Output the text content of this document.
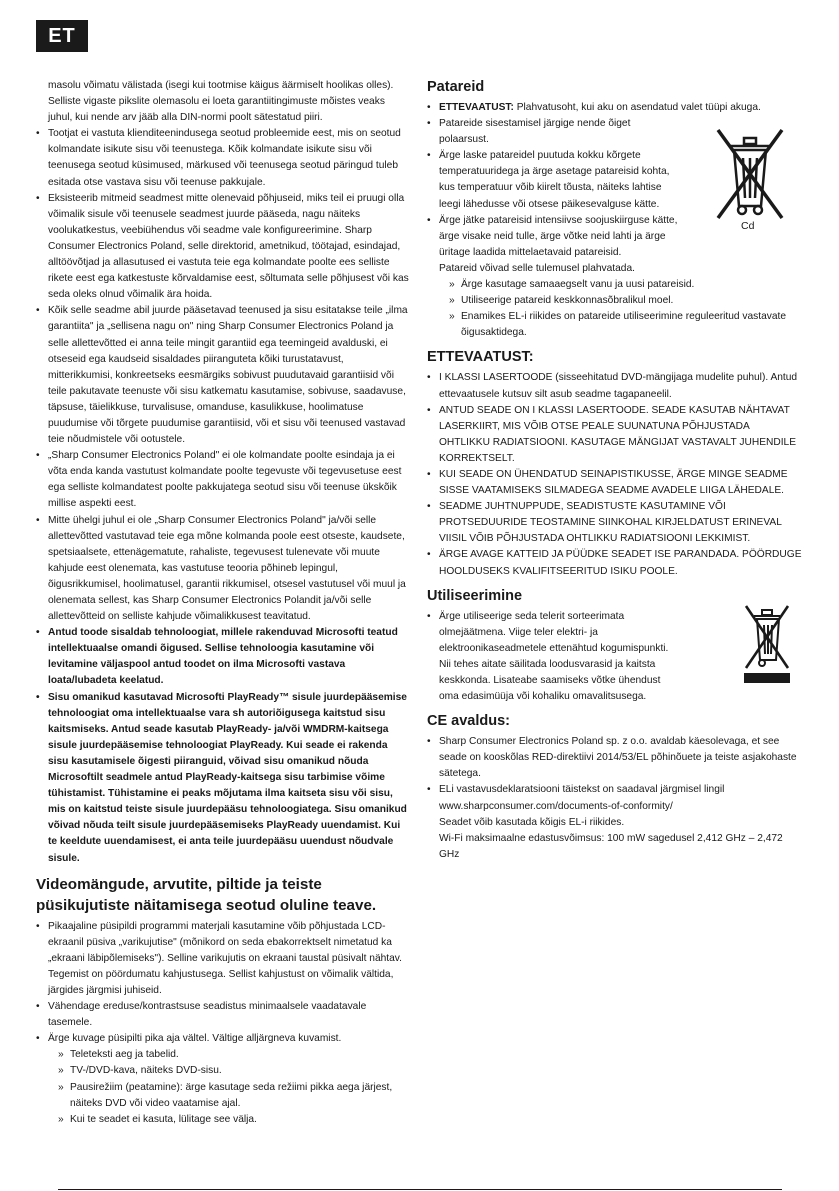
ET

masolu võimatu välistada (isegi kui tootmise käigus äärmiselt hoolikas olles). Selliste vigaste pikslite olemasolu ei loeta garantiitingimuste mõistes veaks juhul, kui nende arv jääb alla DIN-normi poolt sätestatud piiri.

• Tootjat ei vastuta klienditeenindusega seotud probleemide eest, mis on seotud kolmandate isikute sisu või teenustega. Kõik kolmandate isikute sisu või teenusega seotud küsimused, märkused või teenusega seotud päringud tuleb esitada otse vastava sisu või teenuse pakkujale.
• Eksisteerib mitmeid seadmest mitte olenevaid põhjuseid, miks teil ei pruugi olla võimalik sisule või teenusele seadmest juurde pääseda, nagu näiteks voolukatkestus, veebiühendus või seadme vale konfigureerimine. Sharp Consumer Electronics Poland, selle direktorid, ametnikud, töötajad, esindajad, alltöövõtjad ja allasutused ei vastuta teie ega kolmandate poolte ees selliste rikete eest ega katkestuste kõrvaldamise eest, sõltumata selle põhjusest või kas seda oleks olnud võimalik ära hoida.
• Kõik selle seadme abil juurde pääsetavad teenused ja sisu esitatakse teile „ilma garantiita" ja „sellisena nagu on" ning Sharp Consumer Electronics Poland ja selle allettevõtted ei anna teile mingit garantiid ega teemingeid avalduski, ei otseseid ega kaudseid sisaldades piiranguteta kõiki turustatavust, mitterikkumisi, konkreetseks eesmärgiks sobivust puudutavaid garantiisid või teile pakutavate teenuste või sisu katkematu kasutamise, sobivuse, saadavuse, täpsuse, täielikkuse, turvalisuse, omanduse, kasulikkuse, hoolimatuse puudumise või tõrgete puudumise garantiisid, või et sisu või teenused vastavad teie nõudmistele või ootustele.
• „Sharp Consumer Electronics Poland" ei ole kolmandate poolte esindaja ja ei võta enda kanda vastutust kolmandate poolte tegevuste või tegevusetuse eest ega selliste kolmandatest poolte pakkujatega seotud sisu või teenuse ükskõik millise aspekti eest.
• Mitte ühelgi juhul ei ole „Sharp Consumer Electronics Poland" ja/või selle allettevõtted vastutavad teie ega mõne kolmanda poole eest otseste, kaudsete, spetsiaalsete, ettenägematute, rahaliste, tegevusest tulenevate või muute kahjude eest olenemata, kas vastutuse teooria põhineb lepingul, õigusrikkumisel, hoolimatusel, garantii rikkumisel, otsesel vastutusel või muul ja olenemata sellest, kas Sharp Consumer Electronics Polandit ja/või selle allettevõtteid on selliste kahjude võimalikkusest teavitatud.
• Antud toode sisaldab tehnoloogiat, millele rakenduvad Microsofti teatud intellektuaalse omandi õigused. Sellise tehnoloogia kasutamine või levitamine väljaspool antud toodet on ilma Microsofti vastava loata/lubadeta keelatud.
• Sisu omanikud kasutavad Microsofti PlayReady™ sisule juurdepääsemise tehnoloogiat oma intellektuaalse vara sh autoriõigusega kaitstud sisu kaitsmiseks. Antud seade kasutab PlayReady- ja/või WMDRM-kaitsega sisule juurdepääsemise tehnoloogiat PlayReady. Kui seade ei rakenda sisu kasutamisele õigesti piiranguid, võivad sisu omanikud nõuda Microsoftilt seadmele antud PlayReady-kaitsega sisu tarbimise võime tühistamist. Tühistamine ei peaks mõjutama ilma kaitseta sisu või sisu, mis on kaitstud teiste sisule juurdepääsu tehnoloogiatega. Sisu omanikud võivad nõuda teilt sisule juurdepääsemiseks PlayReady uuendamist. Kui te keeldute uuendamisest, ei anta teile juurdepääsu uuendust nõudvale sisule.
Videomängude, arvutite, piltide ja teiste püsikujutiste näitamisega seotud oluline teave.
• Pikaajaline püsipildi programmi materjali kasutamine võib põhjustada LCD-ekraanil püsiva „varikujutise" (mõnikord on seda ebakorrektselt nimetatud ka „ekraani läbipõlemiseks"). Selline varikujutis on ekraani taustal püsivalt nähtav. Tegemist on pöördumatu kahjustusega. Sellist kahjustust on võimalik vältida, järgides järgmisi juhiseid.
• Vähendage ereduse/kontrastsuse seadistus minimaalsele vaadatavale tasemele.
• Ärge kuvage püsipilti pika aja vältel. Vältige alljärgneva kuvamist.
» Teleteksti aeg ja tabelid.
» TV-/DVD-kava, näiteks DVD-sisu.
» Pausirežiim (peatamine): ärge kasutage seda režiimi pikka aega järjest, näiteks DVD või video vaatamise ajal.
» Kui te seadet ei kasuta, lülitage see välja.
Patareid
• ETTEVAATUST: Plahvatusoht, kui aku on asendatud valet tüüpi akuga.
• Patareide sisestamisel järgige nende õiget polaarsust.
• Ärge laske patareidel puutuda kokku kõrgete temperatuuridega ja ärge asetage patareisid kohta, kus temperatuur võib kiirelt tõusta, näiteks lahtise leegi lähedusse või otsese päikesevalguse kätte.
• Ärge jätke patareisid intensiivse soojuskiirguse kätte, ärge visake neid tulle, ärge võtke neid lahti ja ärge üritage laadida mittelaetavaid patareisid.

Patareid võivad selle tulemusel plahvatada.

» Ärge kasutage samaaegselt vanu ja uusi patareisid.
» Utiliseerige patareid keskkonnasõbralikul moel.
» Enamikes EL-i riikides on patareide utiliseerimine reguleeritud vastavate õigusaktidega.
ETTEVAATUST:
• I KLASSI LASERTOODE (sisseehitatud DVD-mängijaga mudelite puhul). Antud ettevaatusele kutsuv silt asub seadme tagapaneelil.
• ANTUD SEADE ON I KLASSI LASERTOODE. SEADE KASUTAB NÄHTAVAT LASERKIIRT, MIS VÕIB OTSE PEALE SUUNATUNA PÕHJUSTADA OHTLIKKU RADIATSIOONI. KASUTAGE MÄNGIJAT VASTAVALT JUHENDILE KORREKTSELT.
• KUI SEADE ON ÜHENDATUD SEINAPISTIKUSSE, ÄRGE MINGE SEADME SISSE VAATAMISEKS SILMADEGA SEADME AVADELE LIIGA LÄHEDALE.
• SEADME JUHTNUPPUDE, SEADISTUSTE KASUTAMINE VÕI PROTSEDUURIDE TEOSTAMINE SIINKOHAL KIRJELDATUST ERINEVAL VIISIL VÕIB PÕHJUSTADA OHTLIKKU RADIATSIOONI LEKKIMIST.
• ÄRGE AVAGE KATTEID JA PÜÜDKE SEADET ISE PARANDADA. PÖÖRDUGE HOOLDUSEKS KVALIFITSEERITUD ISIKU POOLE.
Utiliseerimine
• Ärge utiliseerige seda telerit sorteerimata olmejäätmena. Viige teler elektri- ja elektroonikaseadmetele ettenähtud kogumispunkti. Nii tehes aitate säilitada loodusvarasid ja kaitsta keskkonda. Lisateabe saamiseks võtke ühendust oma edasimüüja või kohaliku omavalitsusega.
CE avaldus:
• Sharp Consumer Electronics Poland sp. z o.o. avaldab käesolevaga, et see seade on kooskõlas RED-direktiivi 2014/53/EL põhinõuete ja teiste asjakohaste sätetega.
• ELi vastavusdeklaratsiooni täistekst on saadaval järgmisel lingil www.sharpconsumer.com/documents-of-conformity/

Seadet võib kasutada kõigis EL-i riikides.

Wi-Fi maksimaalne edastusvõimsus: 100 mW sagedusel 2,412 GHz – 2,472 GHz

Cd
